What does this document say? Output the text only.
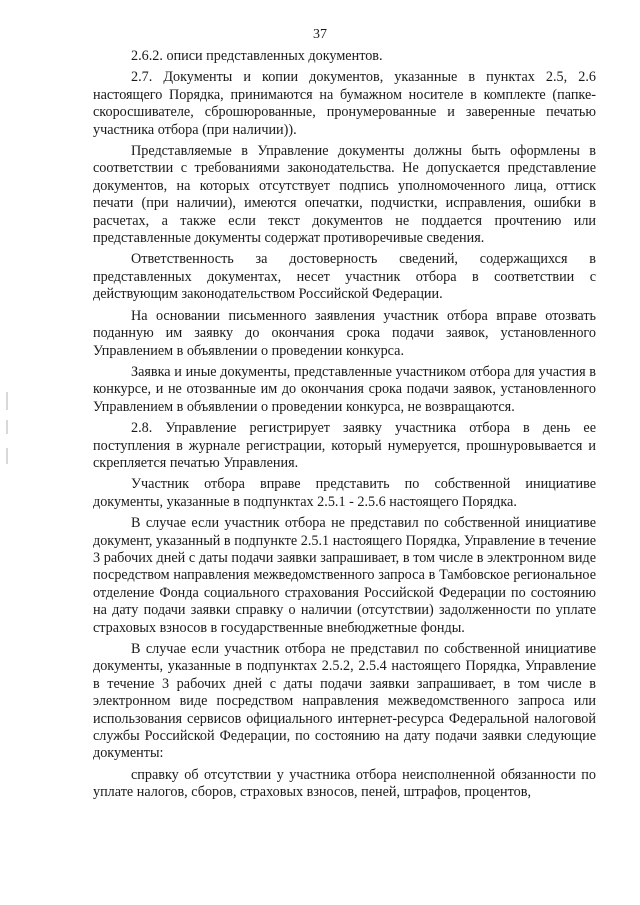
37

2.6.2. описи представленных документов.

2.7. Документы и копии документов, указанные в пунктах 2.5, 2.6 настоящего Порядка, принимаются на бумажном носителе в комплекте (папке-скоросшивателе, сброшюрованные, пронумерованные и заверенные печатью участника отбора (при наличии)).

Представляемые в Управление документы должны быть оформлены в соответствии с требованиями законодательства. Не допускается представление документов, на которых отсутствует подпись уполномоченного лица, оттиск печати (при наличии), имеются опечатки, подчистки, исправления, ошибки в расчетах, а также если текст документов не поддается прочтению или представленные документы содержат противоречивые сведения.

Ответственность за достоверность сведений, содержащихся в представленных документах, несет участник отбора в соответствии с действующим законодательством Российской Федерации.

На основании письменного заявления участник отбора вправе отозвать поданную им заявку до окончания срока подачи заявок, установленного Управлением в объявлении о проведении конкурса.

Заявка и иные документы, представленные участником отбора для участия в конкурсе, и не отозванные им до окончания срока подачи заявок, установленного Управлением в объявлении о проведении конкурса, не возвращаются.

2.8. Управление регистрирует заявку участника отбора в день ее поступления в журнале регистрации, который нумеруется, прошнуровывается и скрепляется печатью Управления.

Участник отбора вправе представить по собственной инициативе документы, указанные в подпунктах 2.5.1 - 2.5.6 настоящего Порядка.

В случае если участник отбора не представил по собственной инициативе документ, указанный в подпункте 2.5.1 настоящего Порядка, Управление в течение 3 рабочих дней с даты подачи заявки запрашивает, в том числе в электронном виде посредством направления межведомственного запроса в Тамбовское региональное отделение Фонда социального страхования Российской Федерации по состоянию на дату подачи заявки справку о наличии (отсутствии) задолженности по уплате страховых взносов в государственные внебюджетные фонды.

В случае если участник отбора не представил по собственной инициативе документы, указанные в подпунктах 2.5.2, 2.5.4 настоящего Порядка, Управление в течение 3 рабочих дней с даты подачи заявки запрашивает, в том числе в электронном виде посредством направления межведомственного запроса или использования сервисов официального интернет-ресурса Федеральной налоговой службы Российской Федерации, по состоянию на дату подачи заявки следующие документы:

справку об отсутствии у участника отбора неисполненной обязанности по уплате налогов, сборов, страховых взносов, пеней, штрафов, процентов,
